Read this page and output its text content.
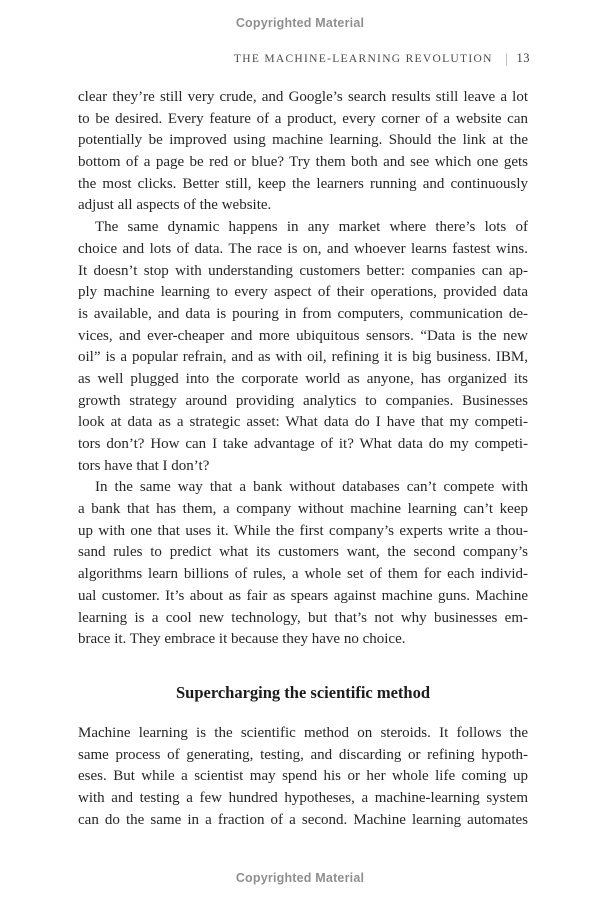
Copyrighted Material
THE MACHINE-LEARNING REVOLUTION | 13
clear they’re still very crude, and Google’s search results still leave a lot
to be desired. Every feature of a product, every corner of a website can
potentially be improved using machine learning. Should the link at the
bottom of a page be red or blue? Try them both and see which one gets
the most clicks. Better still, keep the learners running and continuously
adjust all aspects of the website.
The same dynamic happens in any market where there’s lots of
choice and lots of data. The race is on, and whoever learns fastest wins.
It doesn’t stop with understanding customers better: companies can ap-
ply machine learning to every aspect of their operations, provided data
is available, and data is pouring in from computers, communication de-
vices, and ever-cheaper and more ubiquitous sensors. “Data is the new
oil” is a popular refrain, and as with oil, refining it is big business. IBM,
as well plugged into the corporate world as anyone, has organized its
growth strategy around providing analytics to companies. Businesses
look at data as a strategic asset: What data do I have that my competi-
tors don’t? How can I take advantage of it? What data do my competi-
tors have that I don’t?
In the same way that a bank without databases can’t compete with
a bank that has them, a company without machine learning can’t keep
up with one that uses it. While the first company’s experts write a thou-
sand rules to predict what its customers want, the second company’s
algorithms learn billions of rules, a whole set of them for each individ-
ual customer. It’s about as fair as spears against machine guns. Machine
learning is a cool new technology, but that’s not why businesses em-
brace it. They embrace it because they have no choice.
Supercharging the scientific method
Machine learning is the scientific method on steroids. It follows the
same process of generating, testing, and discarding or refining hypoth-
eses. But while a scientist may spend his or her whole life coming up
with and testing a few hundred hypotheses, a machine-learning system
can do the same in a fraction of a second. Machine learning automates
Copyrighted Material
